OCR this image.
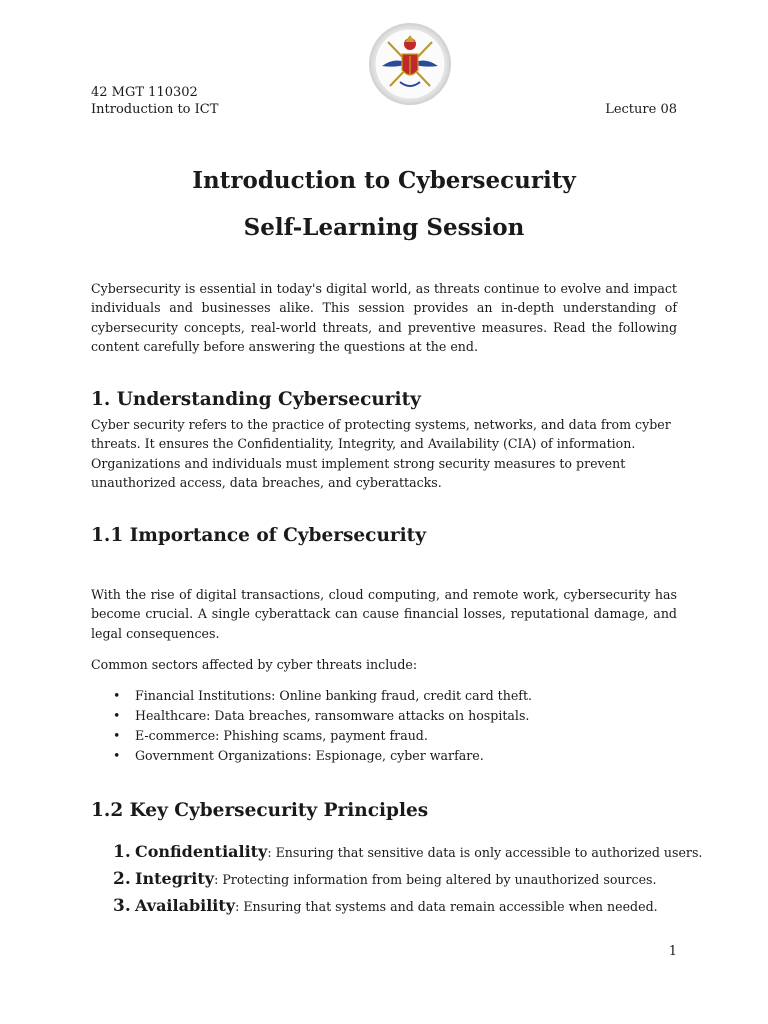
42 MGT 110302
Introduction to ICT	Lecture 08
Introduction to Cybersecurity
Self-Learning Session
Cybersecurity is essential in today's digital world, as threats continue to evolve and impact individuals and businesses alike. This session provides an in-depth understanding of cybersecurity concepts, real-world threats, and preventive measures. Read the following content carefully before answering the questions at the end.
1. Understanding Cybersecurity
Cyber security refers to the practice of protecting systems, networks, and data from cyber threats. It ensures the Confidentiality, Integrity, and Availability (CIA) of information. Organizations and individuals must implement strong security measures to prevent unauthorized access, data breaches, and cyberattacks.
1.1 Importance of Cybersecurity
With the rise of digital transactions, cloud computing, and remote work, cybersecurity has become crucial. A single cyberattack can cause financial losses, reputational damage, and legal consequences.
Common sectors affected by cyber threats include:
• Financial Institutions: Online banking fraud, credit card theft.
• Healthcare: Data breaches, ransomware attacks on hospitals.
• E-commerce: Phishing scams, payment fraud.
• Government Organizations: Espionage, cyber warfare.
1.2 Key Cybersecurity Principles
1. Confidentiality: Ensuring that sensitive data is only accessible to authorized users.
2. Integrity: Protecting information from being altered by unauthorized sources.
3. Availability: Ensuring that systems and data remain accessible when needed.
1
